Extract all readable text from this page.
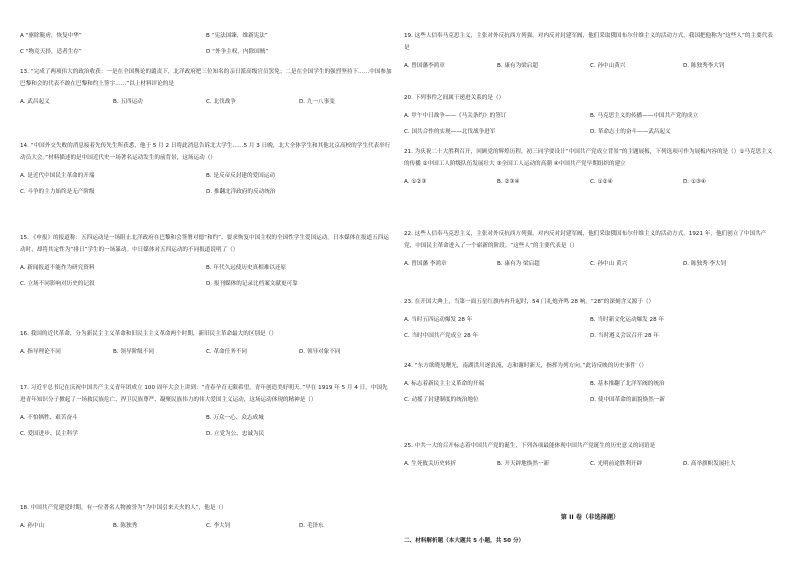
A “驱除鞑虏，恢复中华”	B “宪法国臻，维新宪法”
C “物竞天择，适者生存”	D “外争主权，内除国贼”
13. “完成了两项伟大的政治收获：一是在全国舆论的谴责下，北洋政府把三位知名的亲日派高级官员罢免；二是在全国学生的强烈坚持下……中国参加巴黎和会的代表不敢在巴黎和约上签字……”以上材料评论的是
A. 武昌起义	B. 五四运动	C. 北伐战争	D. 九一八事变
14. “中国外交失败的消息接着先传先生所获悉，他于 5 月 2 日将此消息告诉北大学生……5 月 3 日晚，北大全体学生和其他北京高校的学生代表举行动员大会。”材料描述的是中国近代史一场著名运动发生的前背景，这场运动（）
A. 是近代中国民主革命的开端	B. 是反帝反封建的爱国运动
C. 斗争的主力始终是无产阶级	D. 推翻北洋政府的反动统治
15. 《申报》的报道称：五四运动是一场阻止北洋政府在巴黎和会签署对德“和约”、要求恢复中国主权的全国性学生爱国运动。日本媒体在报道五四运动时，却将其定性为“排日”学生的一场暴动。中日媒体对五四运动的不同报道说明了（）
A. 新闻报道不能作为研究资料	B. 年代久远使历史真相难以还原
C. 立场不同影响对历史的记叙	D. 报刊媒体的记录比档案文献更可靠
16. 我国的近代革命，分为新民主主义革命和旧民主主义革命两个时期，新旧民主革命最大的区别是（）
A. 指导理论不同	B. 领导阶级不同	C. 革命任务不同	D. 领导对象不同
17. 习近平总书记在庆祝中国共产主义青年团成立 100 周年大会上讲到：“青春孕育无限希望，青年创造美好明天。”早在 1919 年 5 月 4 日，中国先进青年知识分子掀起了一场救民族危亡、捍卫民族尊严、凝聚民族伟力的伟大爱国主义运动，这场运动体现的精神是（）
A. 不怕牺牲、艰苦奋斗	B. 万众一心、众志成城
C. 爱国进步、民主科学	D. 立党为公、忠诚为民
18. 中国共产党建党时期，有一位著名人物被誉为“为中国引来天火的人”，他是（）
A. 孙中山	B. 陈独秀	C. 李大钊	D. 毛泽东
第 II 卷（非选择题）
二、材料解析题（本大题共 5 小题，共 50 分）
19. 这些人信奉马克思主义，主张对外反抗西方列强，对内反对封建军阀，他们采取俄国布尔什维主义的活动方式，我国把他称为“这些人”的主要代表是
A. 曾国藩李鸿章	B. 康有为梁启超	C. 孙中山黄兴	D. 陈独秀李大钊
20. 下列事件之间属于递进关系的是（）
A. 甲午中日战争——《马关条约》的签订	B. 马克思主义的传播——中国共产党的成立
C. 国共合作的实现——北伐战争进军	D. 革命志士的奋斗——武昌起义
21. 为庆祝二十大胜利召开，回顾党的辉煌历程，初三同学要设计“中国共产党成立背景”的主题展板，下列选项可作为展板内容的是（）①马克思主义的传播 ②中国工人阶级队伍发展壮大 ③全国工人运动的高潮 ④中国共产党早期组织的建立
A. ①②③	B. ②③④	C. ①②④	D. ①③④
22. 这些人信奉马克思主义，主张对外反抗西方列强，对内反对封建军阀，他们采取俄国布尔什维主义的活动方式。1921 年，他们创立了中国共产党，中国民主革命进入了一个崭新的阶段。“这些人”的主要代表是（）
A. 曾国藩 李鸿章	B. 康有为 梁启超	C. 孙中山 黄兴	D. 陈独秀 李大钊
23. 在开国大典上，当第一面五星红旗冉冉升起时，54 门礼炮齐鸣 28 响。“28”的深刻含义源于（）
A. 当时五四运动爆发 28 年	B. 当时新文化运动爆发 28 年
C. 当时中国共产党成立 28 年	D. 当时遵义会议召开 28 年
24. “东方欲晓见曙光，南湖洪川逐浪流，志和谢时新天，指挥为列方向。”此诗反映的历史事件（）
A. 标志着新民主主义革命的开端	B. 基本推翻了北洋军阀的统治
C. 动摇了封建制度的统治地位	D. 使中国革命的面貌焕然一新
25. 中共一大的召开标志着中国共产党的诞生，下列各项最能体现中国共产党诞生的历史意义的词语是
A. 生死攸关历史转折	B. 开天辟地焕然一新	C. 光明前途胜利开辟	D. 高举旗帜发展壮大
